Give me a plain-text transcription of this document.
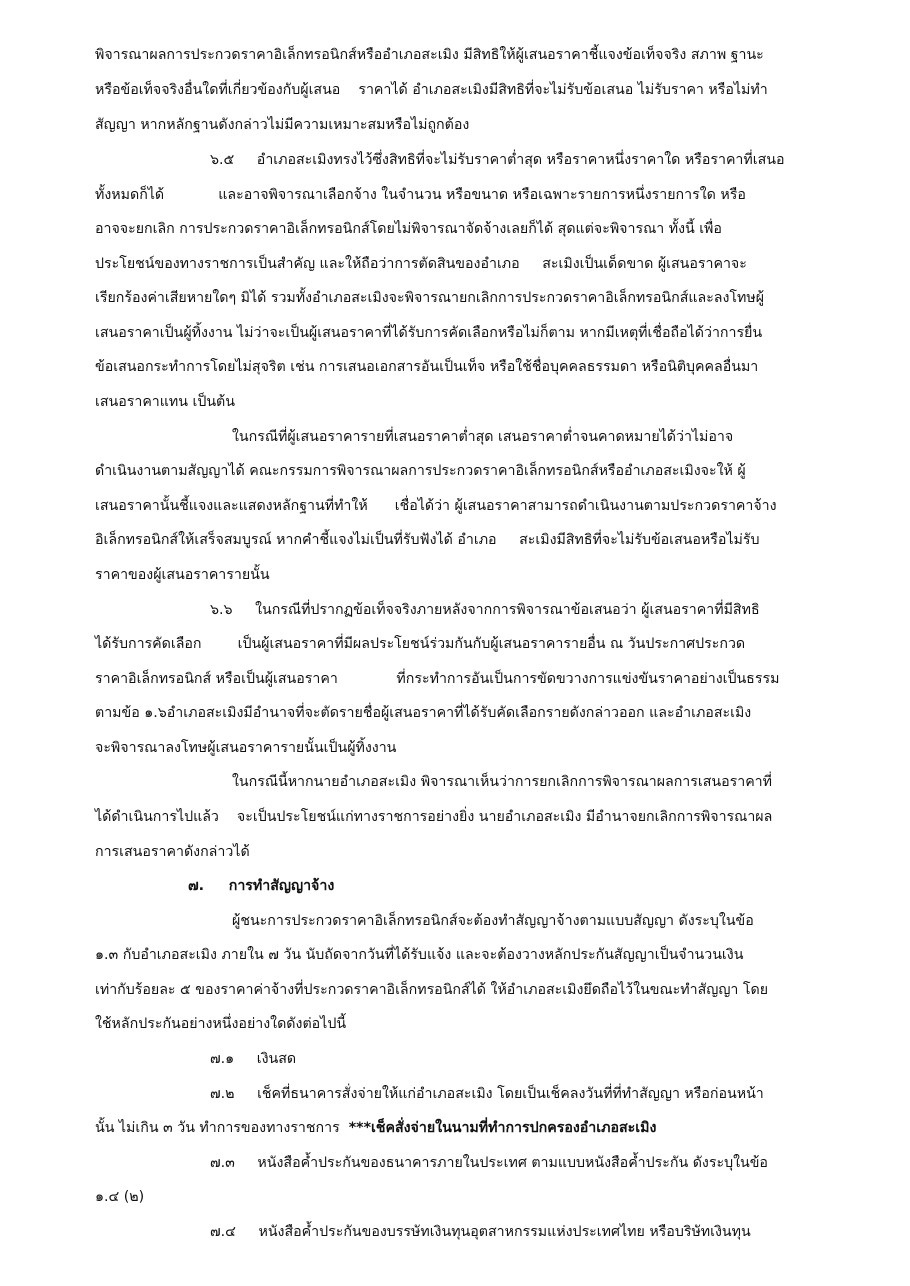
พิจารณาผลการประกวดราคาอิเล็กทรอนิกส์หรืออำเภอสะเมิง มีสิทธิให้ผู้เสนอราคาชี้แจงข้อเท็จจริง สภาพ ฐานะ

หรือข้อเท็จจริงอื่นใดที่เกี่ยวข้องกับผู้เสนอ    ราคาได้ อำเภอสะเมิงมีสิทธิที่จะไม่รับข้อเสนอ ไม่รับราคา หรือไม่ทำ

สัญญา หากหลักฐานดังกล่าวไม่มีความเหมาะสมหรือไม่ถูกต้อง

๖.๕     อำเภอสะเมิงทรงไว้ซึ่งสิทธิที่จะไม่รับราคาต่ำสุด หรือราคาหนึ่งราคาใด หรือราคาที่เสนอ

ทั้งหมดก็ได้            และอาจพิจารณาเลือกจ้าง ในจำนวน หรือขนาด หรือเฉพาะรายการหนึ่งรายการใด หรือ

อาจจะยกเลิก การประกวดราคาอิเล็กทรอนิกส์โดยไม่พิจารณาจัดจ้างเลยก็ได้ สุดแต่จะพิจารณา ทั้งนี้ เพื่อ

ประโยชน์ของทางราชการเป็นสำคัญ และให้ถือว่าการตัดสินของอำเภอ     สะเมิงเป็นเด็ดขาด ผู้เสนอราคาจะ

เรียกร้องค่าเสียหายใดๆ มิได้ รวมทั้งอำเภอสะเมิงจะพิจารณายกเลิกการประกวดราคาอิเล็กทรอนิกส์และลงโทษผู้

เสนอราคาเป็นผู้ทิ้งงาน ไม่ว่าจะเป็นผู้เสนอราคาที่ได้รับการคัดเลือกหรือไม่ก็ตาม หากมีเหตุที่เชื่อถือได้ว่าการยื่น

ข้อเสนอกระทำการโดยไม่สุจริต เช่น การเสนอเอกสารอันเป็นเท็จ หรือใช้ชื่อบุคคลธรรมดา หรือนิติบุคคลอื่นมา

เสนอราคาแทน เป็นต้น

ในกรณีที่ผู้เสนอราคารายที่เสนอราคาต่ำสุด เสนอราคาต่ำจนคาดหมายได้ว่าไม่อาจ

ดำเนินงานตามสัญญาได้ คณะกรรมการพิจารณาผลการประกวดราคาอิเล็กทรอนิกส์หรืออำเภอสะเมิงจะให้ ผู้

เสนอราคานั้นชี้แจงและแสดงหลักฐานที่ทำให้      เชื่อได้ว่า ผู้เสนอราคาสามารถดำเนินงานตามประกวดราคาจ้าง

อิเล็กทรอนิกส์ให้เสร็จสมบูรณ์ หากคำชี้แจงไม่เป็นที่รับฟังได้ อำเภอ     สะเมิงมีสิทธิที่จะไม่รับข้อเสนอหรือไม่รับ

ราคาของผู้เสนอราคารายนั้น

๖.๖     ในกรณีที่ปรากฏข้อเท็จจริงภายหลังจากการพิจารณาข้อเสนอว่า ผู้เสนอราคาที่มีสิทธิ

ได้รับการคัดเลือก        เป็นผู้เสนอราคาที่มีผลประโยชน์ร่วมกันกับผู้เสนอราคารายอื่น ณ วันประกาศประกวด

ราคาอิเล็กทรอนิกส์ หรือเป็นผู้เสนอราคา             ที่กระทำการอันเป็นการขัดขวางการแข่งขันราคาอย่างเป็นธรรม

ตามข้อ ๑.๖อำเภอสะเมิงมีอำนาจที่จะตัดรายชื่อผู้เสนอราคาที่ได้รับคัดเลือกรายดังกล่าวออก และอำเภอสะเมิง

จะพิจารณาลงโทษผู้เสนอราคารายนั้นเป็นผู้ทิ้งงาน

ในกรณีนี้หากนายอำเภอสะเมิง พิจารณาเห็นว่าการยกเลิกการพิจารณาผลการเสนอราคาที่

ได้ดำเนินการไปแล้ว    จะเป็นประโยชน์แก่ทางราชการอย่างยิ่ง นายอำเภอสะเมิง มีอำนาจยกเลิกการพิจารณาผล

การเสนอราคาดังกล่าวได้

๗.     การทำสัญญาจ้าง

ผู้ชนะการประกวดราคาอิเล็กทรอนิกส์จะต้องทำสัญญาจ้างตามแบบสัญญา ดังระบุในข้อ

๑.๓ กับอำเภอสะเมิง ภายใน ๗ วัน นับถัดจากวันที่ได้รับแจ้ง และจะต้องวางหลักประกันสัญญาเป็นจำนวนเงิน

เท่ากับร้อยละ ๕ ของราคาค่าจ้างที่ประกวดราคาอิเล็กทรอนิกส์ได้ ให้อำเภอสะเมิงยึดถือไว้ในขณะทำสัญญา โดย

ใช้หลักประกันอย่างหนึ่งอย่างใดดังต่อไปนี้

๗.๑     เงินสด

๗.๒     เช็คที่ธนาคารสั่งจ่ายให้แก่อำเภอสะเมิง โดยเป็นเช็คลงวันที่ที่ทำสัญญา หรือก่อนหน้า

นั้น ไม่เกิน ๓ วัน ทำการของทางราชการ  ***เช็คสั่งจ่ายในนามที่ทำการปกครองอำเภอสะเมิง

๗.๓     หนังสือค้ำประกันของธนาคารภายในประเทศ ตามแบบหนังสือค้ำประกัน ดังระบุในข้อ

๑.๔ (๒)

๗.๔     หนังสือค้ำประกันของบรรษัทเงินทุนอุตสาหกรรมแห่งประเทศไทย หรือบริษัทเงินทุน
